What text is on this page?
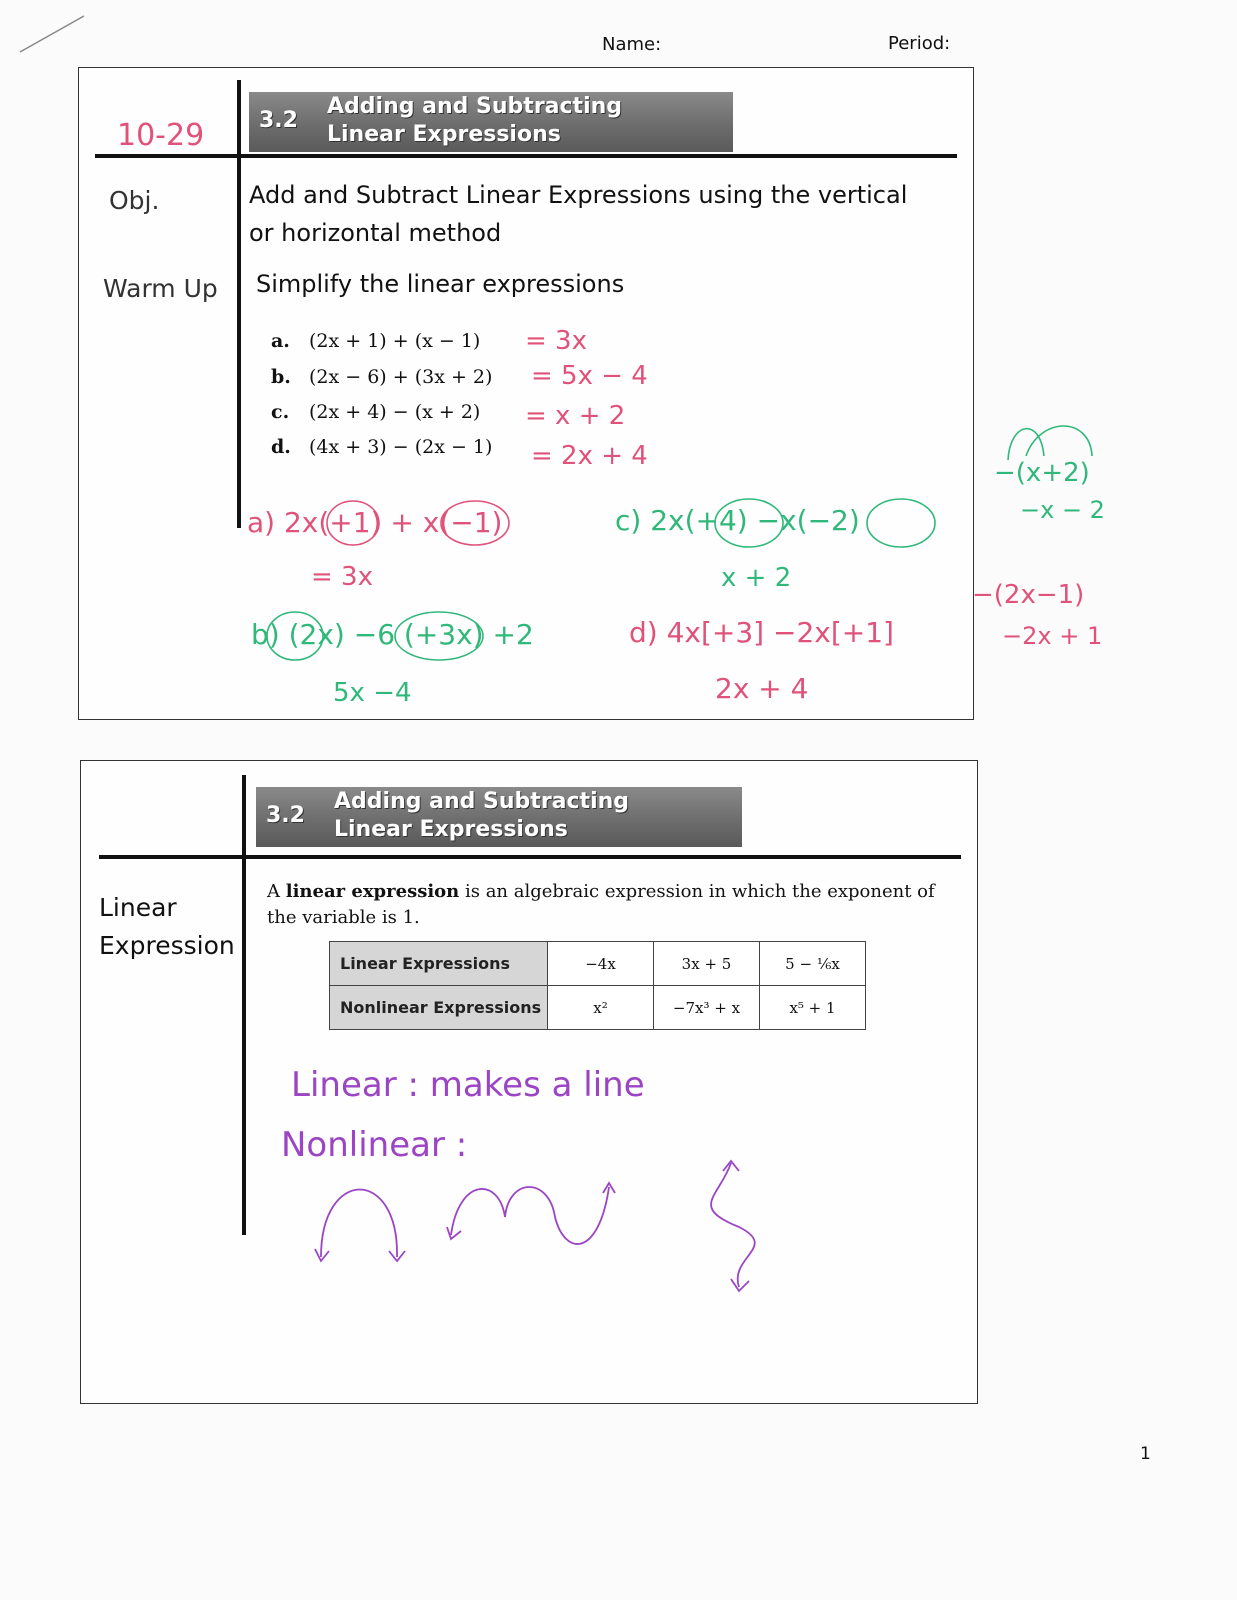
Name:	Period:
3.2
Adding and Subtracting
Linear Expressions
10-29
Obj.	Add and Subtract Linear Expressions using the vertical
or horizontal method
Warm Up Simplify the linear expressions
a. (2x + 1) + (x − 1)
b. (2x − 6) + (3x + 2)
c. (2x + 4) − (x + 2)
d. (4x + 3) − (2x − 1)
= 3x
= 5x − 4
= x + 2
= 2x + 4
a) 2x(+1) + x(−1)
= 3x
b) (2x) −6 (+3x) +2
5x −4
c) 2x(+4) −x(−2)
x + 2
d) 4x[+3] −2x[+1]
2x + 4
−(x+2)
−x − 2
−(2x−1)
−2x + 1
3.2
Adding and Subtracting
Linear Expressions
Linear
Expression
A linear expression is an algebraic expression in which the exponent of the variable is 1.
Linear Expressions	−4x	3x + 5	5 − ⅙x
Nonlinear Expressions	x²	−7x³ + x	x⁵ + 1
Linear : makes a line
Nonlinear :
1
